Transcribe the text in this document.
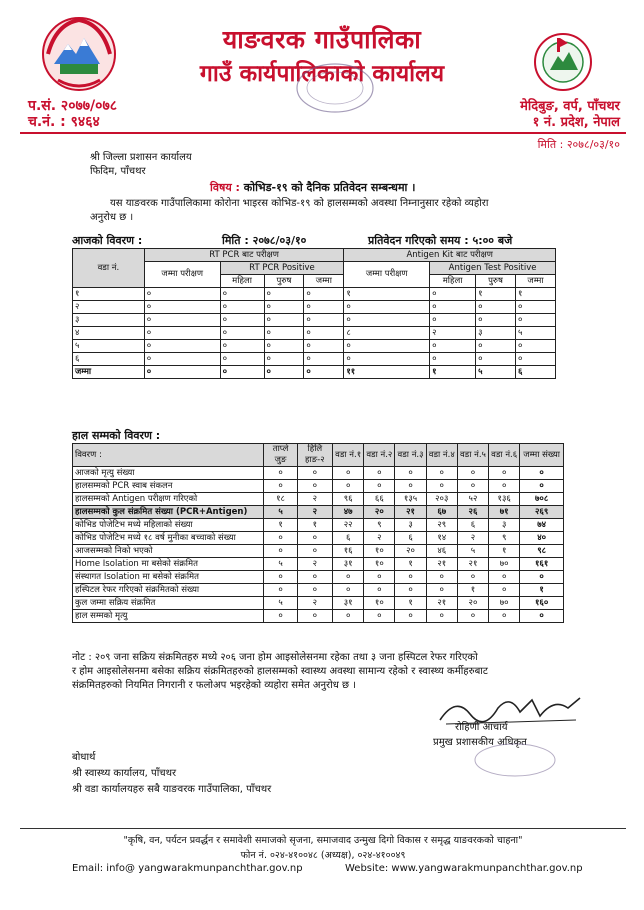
याङवरक गाउँपालिका
गाउँ कार्यपालिकाको कार्यालय
प.सं. २०७७/०७८
च.नं. : ९४६४
मेदिबुङ, वर्प, पाँचथर
१ नं. प्रदेश, नेपाल
मिति : २०७८/०३/१०
श्री जिल्ला प्रशासन कार्यालय
फिदिम, पाँचथर
विषय : कोभिड-१९ को दैनिक प्रतिवेदन सम्बन्धमा ।
यस याङवरक गाउँपालिकामा कोरोना भाइरस कोभिड-१९ को हालसम्मको अवस्था निम्नानुसार रहेको व्यहोरा
अनुरोध छ ।
आजको विवरण :	मिति : २०७८/०३/१०	प्रतिवेदन गरिएको समय : ५:०० बजे
वडा नं.	RT PCR बाट परीक्षण				Antigen Kit बाट परीक्षण			
	जम्मा परीक्षण	RT PCR Positive			जम्मा परीक्षण	Antigen Test Positive		
		महिला	पुरुष	जम्मा		महिला	पुरुष	जम्मा
१	०	०	०	०	१	०	१	१
२	०	०	०	०	०	०	०	०
३	०	०	०	०	०	०	०	०
४	०	०	०	०	८	२	३	५
५	०	०	०	०	०	०	०	०
६	०	०	०	०	०	०	०	०
जम्मा	०	०	०	०	११	१	५	६
हाल सम्मको विवरण :
विवरण :	ताप्ले जुङ	हिलि हाङ-२	वडा नं.१	वडा नं.२	वडा नं.३	वडा नं.४	वडा नं.५	वडा नं.६	जम्मा संख्या
आजको मृत्यु संख्या	०	०	०	०	०	०	०	०	०
हालसम्मको PCR स्वाब संकलन	०	०	०	०	०	०	०	०	०
हालसम्मको Antigen परीक्षण गरिएको	१८	२	९६	६६	१३५	२०३	५२	१३६	७०८
हालसम्मको कुल संक्रमित संख्या (PCR+Antigen)	५	२	४७	२०	२१	६७	२६	७१	२६९
कोभिड पोजेटिभ मध्ये महिलाको संख्या	१	१	२२	९	३	२९	६	३	७४
कोभिड पोजेटिभ मध्ये १८ वर्ष मुनीका बच्चाको संख्या	०	०	६	२	६	१४	२	९	४०
आजसम्मको निको भएको	०	०	१६	१०	२०	४६	५	१	९८
Home Isolation मा बसेको संक्रमित	५	२	३१	१०	१	२१	२१	७०	१६१
संस्थागत Isolation मा बसेको संक्रमित	०	०	०	०	०	०	०	०	०
हस्पिटल रेफर गरिएको संक्रमितको संख्या	०	०	०	०	०	०	१	०	१
कुल जम्मा सक्रिय संक्रमित	५	२	३१	१०	१	२१	२०	७०	१६०
हाल सम्मको मृत्यु	०	०	०	०	०	०	०	०	०
नोट : २०९ जना सक्रिय संक्रमितहरु मध्ये २०६ जना होम आइसोलेसनमा रहेका तथा ३ जना हस्पिटल रेफर गरिएको
र होम आइसोलेसनमा बसेका सक्रिय संक्रमितहरुको हालसम्मको स्वास्थ्य अवस्था सामान्य रहेको र स्वास्थ्य कर्मीहरुबाट
संक्रमितहरुको नियमित निगरानी र फलोअप भइरहेको व्यहोरा समेत अनुरोध छ ।
रोहिणी आचार्य
प्रमुख प्रशासकीय अधिकृत
बोधार्थ
श्री स्वास्थ्य कार्यालय, पाँचथर
श्री वडा कार्यालयहरु सबै याङवरक गाउँपालिका, पाँचथर
"कृषि, वन, पर्यटन प्रवर्द्धन र समावेशी समाजको सृजना, समाजवाद उन्मुख दिगो विकास र समृद्ध याङवरकको चाहना"
फोन नं. ०२४-४१००४८ (अध्यक्ष), ०२४-४१००४९
Email: info@ yangwarakmunpanchthar.gov.np	Website: www.yangwarakmunpanchthar.gov.np
